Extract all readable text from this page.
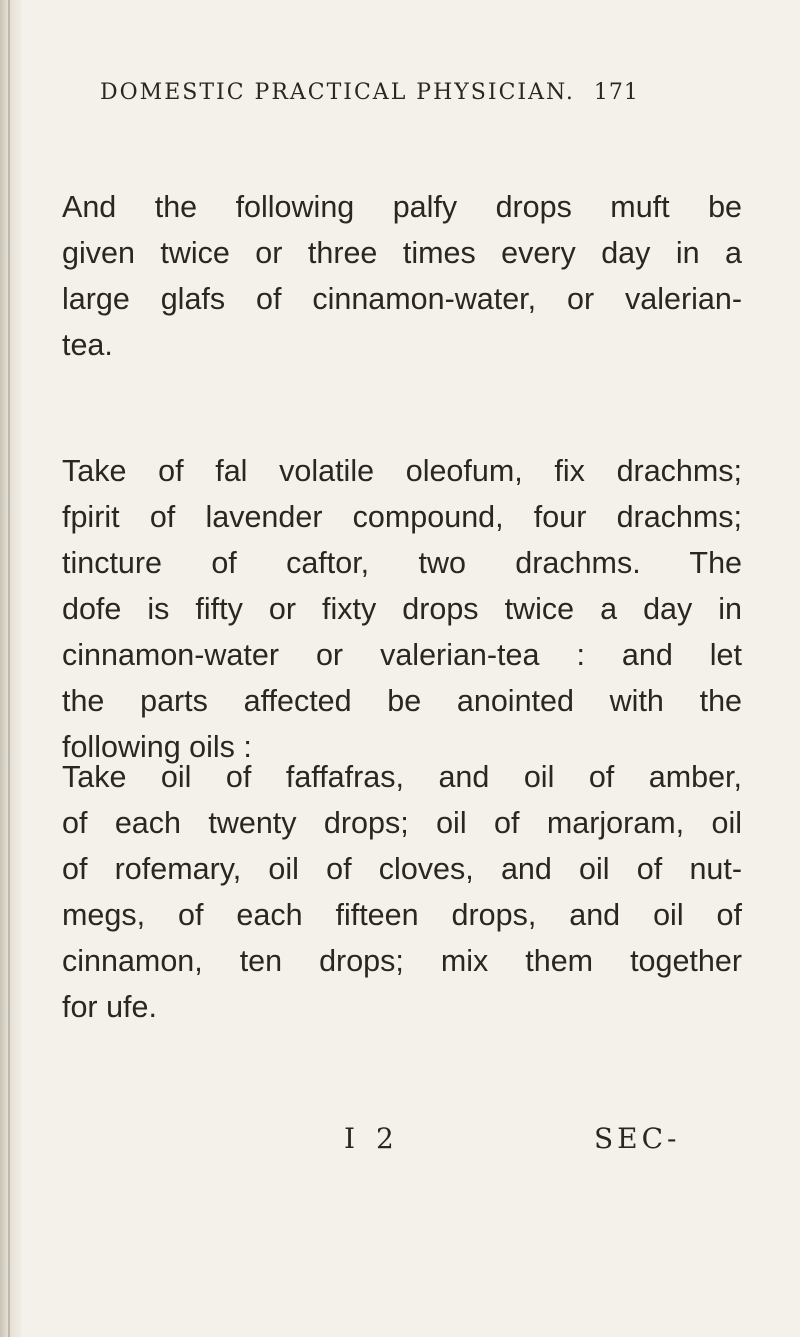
DOMESTIC PRACTICAL PHYSICIAN. 171
And the following palfy drops muft be
given twice or three times every day in a
large glafs of cinnamon-water, or valerian-
tea.
Take of fal volatile oleofum, fix drachms;
fpirit of lavender compound, four drachms;
tincture of caftor, two drachms. The
dofe is fifty or fixty drops twice a day in
cinnamon-water or valerian-tea : and let
the parts affected be anointed with the
following oils :
Take oil of faffafras, and oil of amber,
of each twenty drops; oil of marjoram, oil
of rofemary, oil of cloves, and oil of nut-
megs, of each fifteen drops, and oil of
cinnamon, ten drops; mix them together
for ufe.
I 2	SEC-
